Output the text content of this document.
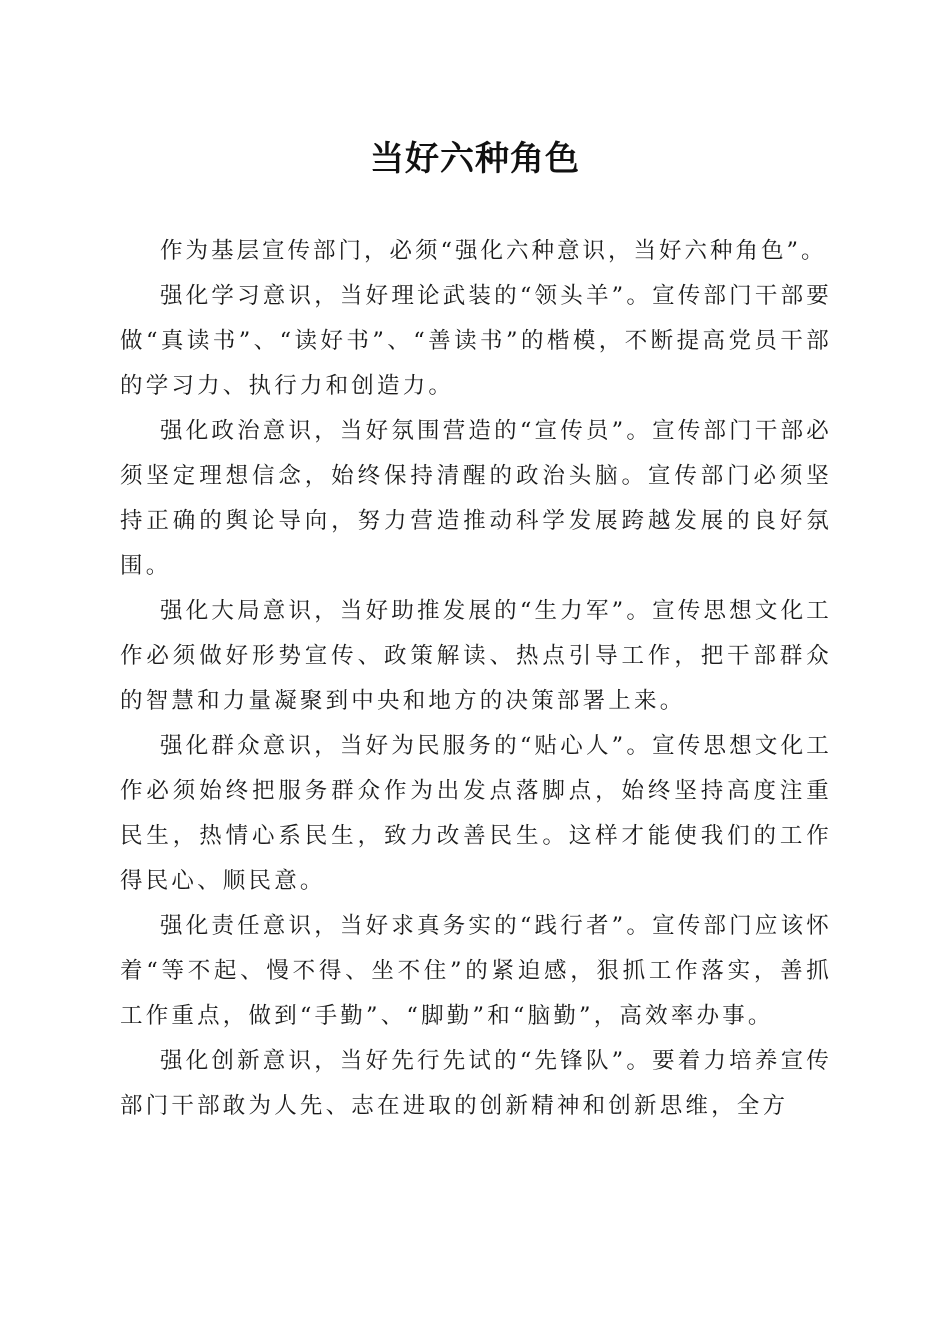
当好六种角色

作为基层宣传部门，必须“强化六种意识，当好六种角色”。

强化学习意识，当好理论武装的“领头羊”。宣传部门干部要做“真读书”、“读好书”、“善读书”的楷模，不断提高党员干部的学习力、执行力和创造力。

强化政治意识，当好氛围营造的“宣传员”。宣传部门干部必须坚定理想信念，始终保持清醒的政治头脑。宣传部门必须坚持正确的舆论导向，努力营造推动科学发展跨越发展的良好氛围。

强化大局意识，当好助推发展的“生力军”。宣传思想文化工作必须做好形势宣传、政策解读、热点引导工作，把干部群众的智慧和力量凝聚到中央和地方的决策部署上来。

强化群众意识，当好为民服务的“贴心人”。宣传思想文化工作必须始终把服务群众作为出发点落脚点，始终坚持高度注重民生，热情心系民生，致力改善民生。这样才能使我们的工作得民心、顺民意。

强化责任意识，当好求真务实的“践行者”。宣传部门应该怀着“等不起、慢不得、坐不住”的紧迫感，狠抓工作落实，善抓工作重点，做到“手勤”、“脚勤”和“脑勤”，高效率办事。

强化创新意识，当好先行先试的“先锋队”。要着力培养宣传部门干部敢为人先、志在进取的创新精神和创新思维，全方
